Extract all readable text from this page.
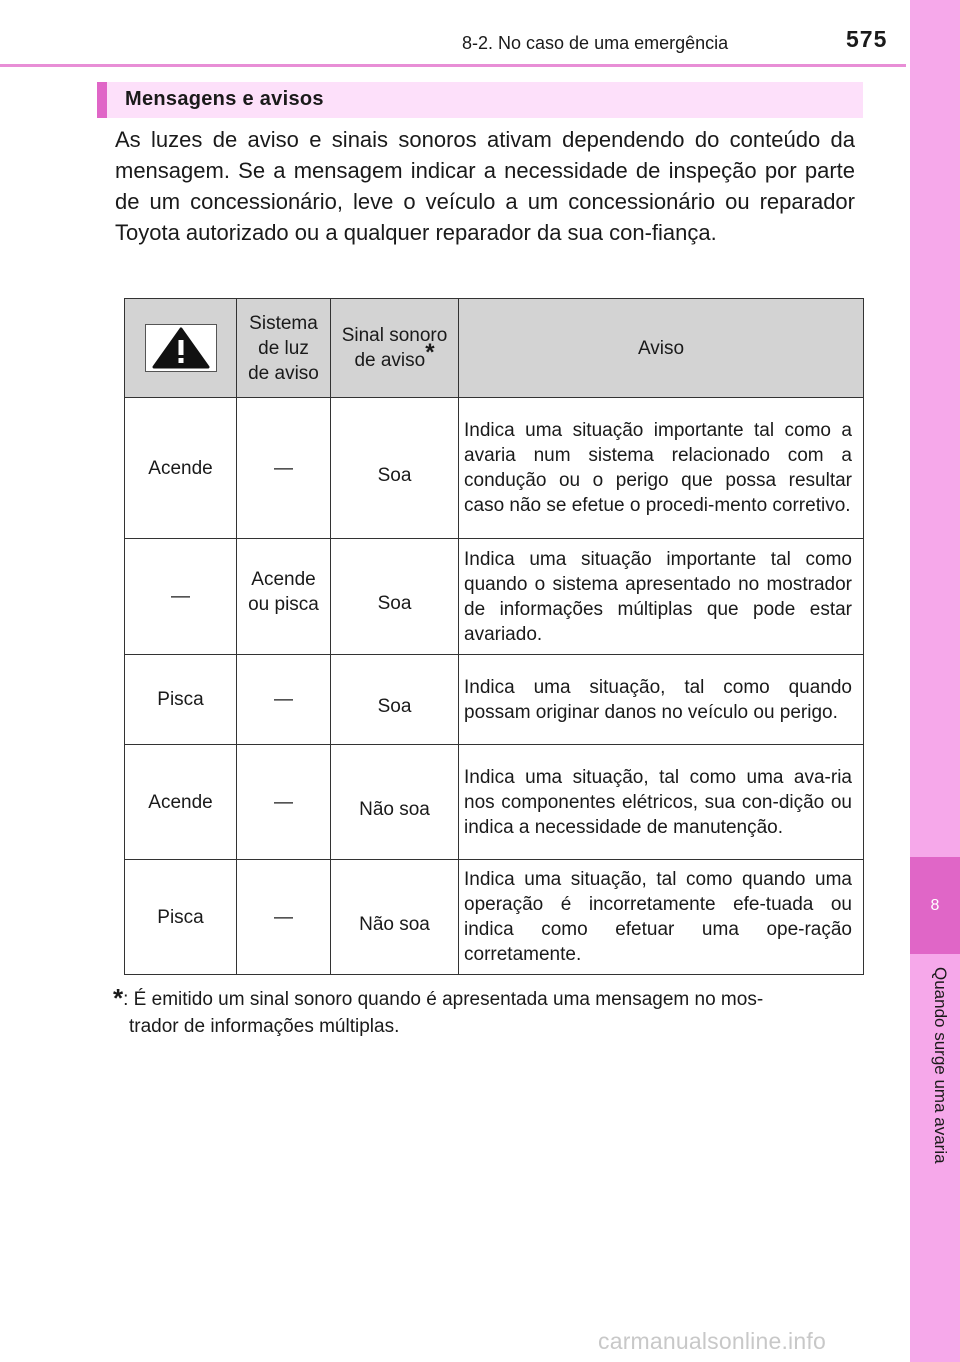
8-2. No caso de uma emergência	575
8
Quando surge uma avaria
Mensagens e avisos
As luzes de aviso e sinais sonoros ativam dependendo do conteúdo da mensagem. Se a mensagem indicar a necessidade de inspeção por parte de um concessionário, leve o veículo a um concessionário ou reparador Toyota autorizado ou a qualquer reparador da sua con-fiança.
	Sistema de luz de aviso	Sinal sonoro de aviso*	Aviso
Acende	—	Soa	Indica uma situação importante tal como a avaria num sistema relacionado com a condução ou o perigo que possa resultar caso não se efetue o procedi-mento corretivo.
—	Acende ou pisca	Soa	Indica uma situação importante tal como quando o sistema apresentado no mostrador de informações múltiplas que pode estar avariado.
Pisca	—	Soa	Indica uma situação, tal como quando possam originar danos no veículo ou perigo.
Acende	—	Não soa	Indica uma situação, tal como uma ava-ria nos componentes elétricos, sua con-dição ou indica a necessidade de manutenção.
Pisca	—	Não soa	Indica uma situação, tal como quando uma operação é incorretamente efe-tuada ou indica como efetuar uma ope-ração corretamente.
*: É emitido um sinal sonoro quando é apresentada uma mensagem no mos-
trador de informações múltiplas.
carmanualsonline.info
